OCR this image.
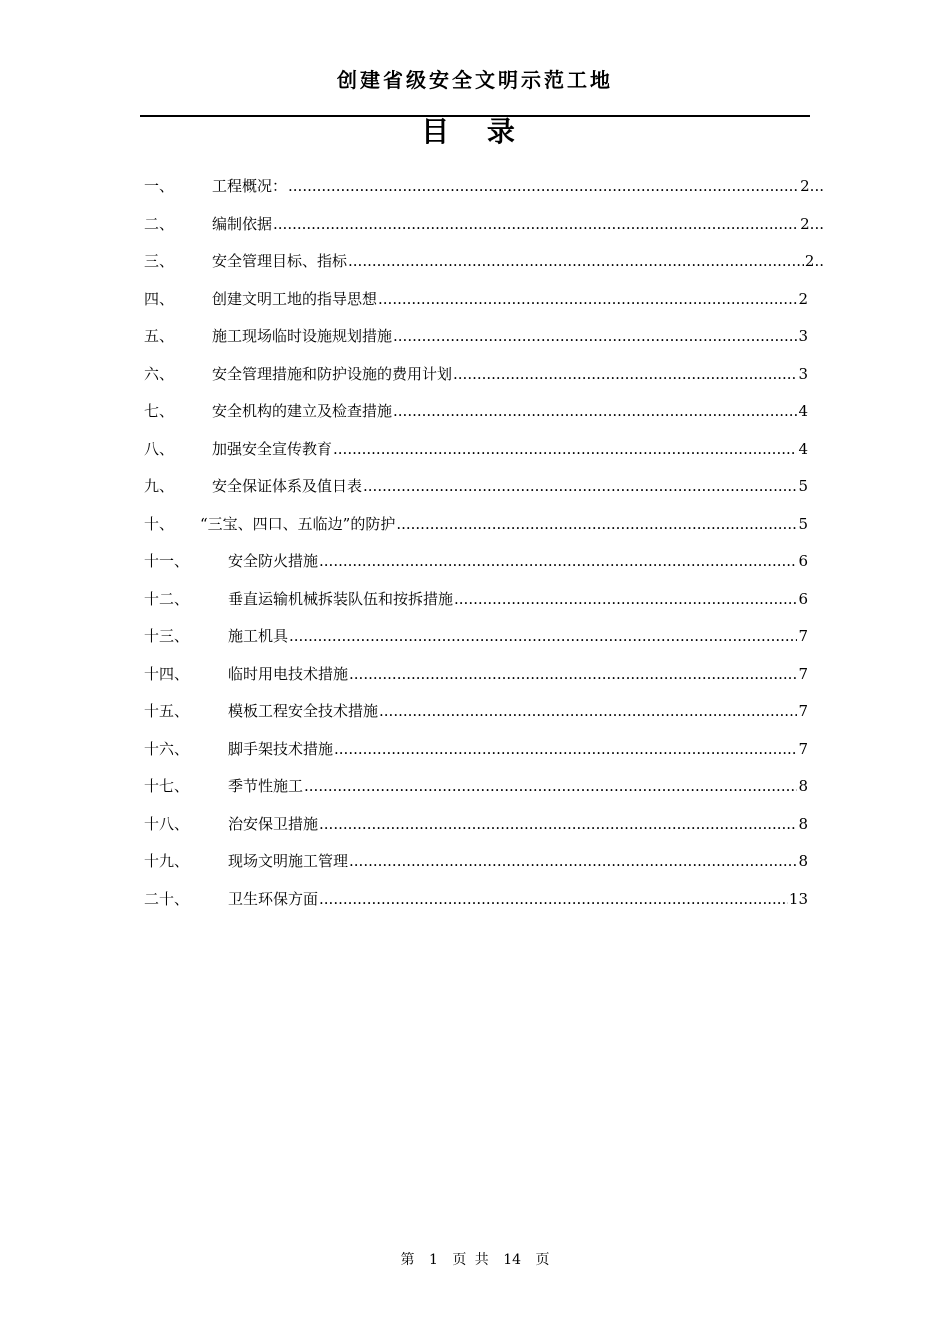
创建省级安全文明示范工地
目 录
一、	工程概况： .....	2...
二、	编制依据 .....	2...
三、	安全管理目标、指标 .....	2..
四、	创建文明工地的指导思想 .....	2
五、	施工现场临时设施规划措施 .....	3
六、	安全管理措施和防护设施的费用计划 .....	3
七、	安全机构的建立及检查措施 .....	4
八、	加强安全宣传教育 .....	4
九、	安全保证体系及值日表 .....	5
十、	“三宝、四口、五临边”的防护 .....	5
十一、	安全防火措施 .....	6
十二、	垂直运输机械拆装队伍和按拆措施 .....	6
十三、	施工机具 .....	7
十四、	临时用电技术措施 .....	7
十五、	模板工程安全技术措施 .....	7
十六、	脚手架技术措施 .....	7
十七、	季节性施工 .....	8
十八、	治安保卫措施 .....	8
十九、	现场文明施工管理 .....	8
二十、	卫生环保方面 .....	13
第 1 页 共 14 页
